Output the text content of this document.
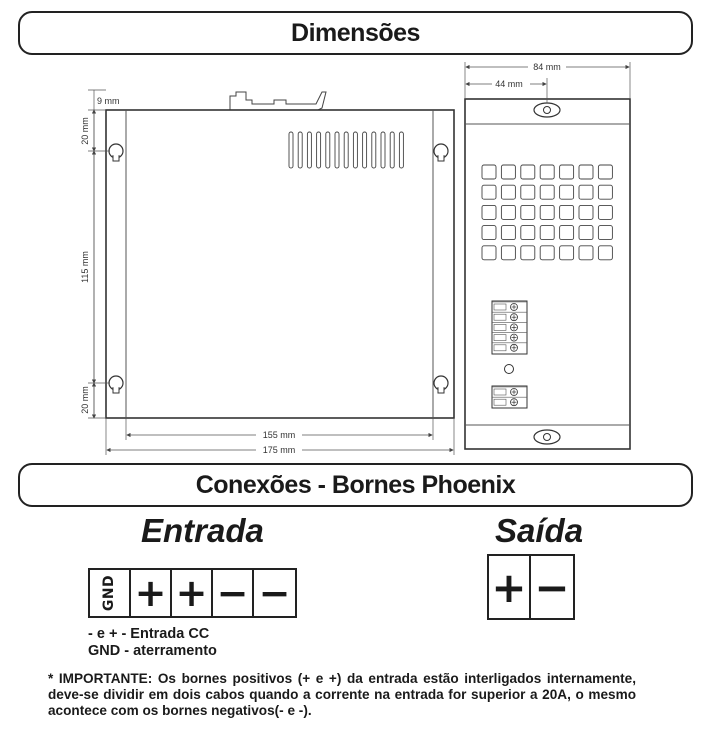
Dimensões
9 mm
20 mm
115 mm
20 mm
155 mm
175 mm
84 mm
44 mm
Conexões - Bornes Phoenix
Entrada	Saída
GND + + − −	+ −
- e + - Entrada CC
GND - aterramento
* IMPORTANTE: Os bornes positivos (+ e +) da entrada estão interligados internamente, deve-se dividir em dois cabos quando a corrente na entrada for superior a 20A, o mesmo acontece com os bornes negativos(- e -).
